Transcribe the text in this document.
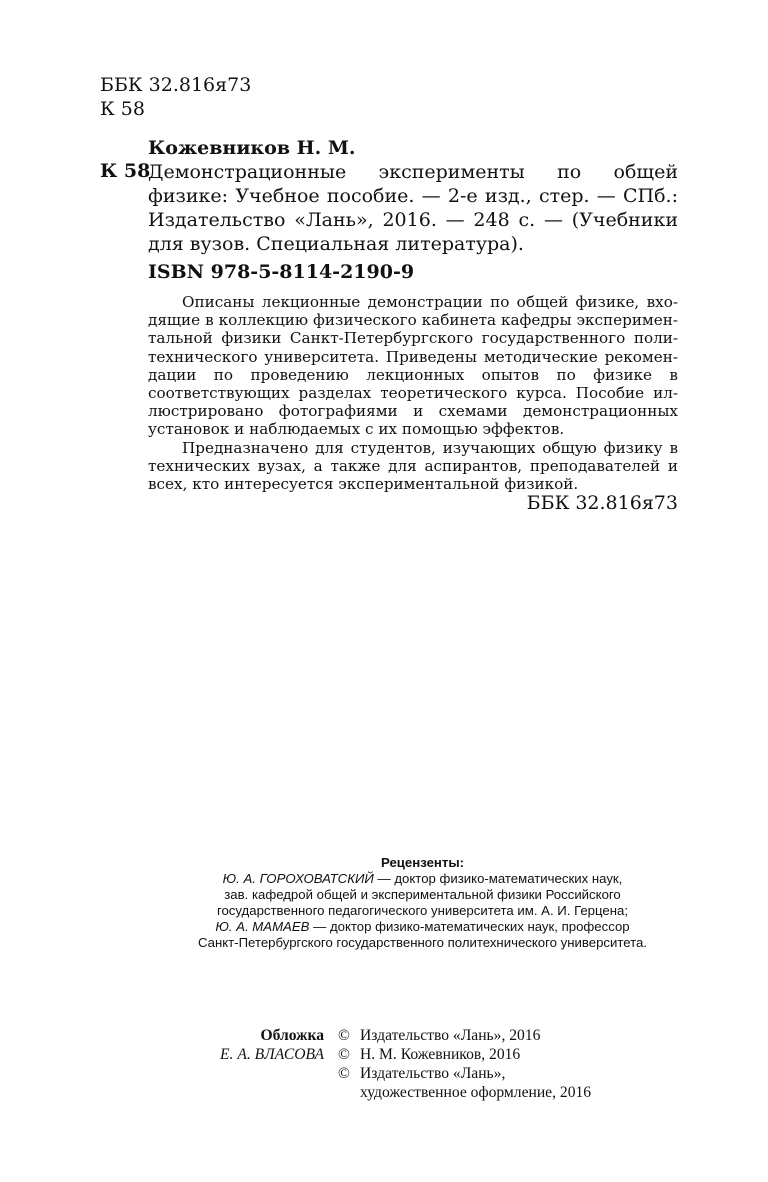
ББК 32.816я73
К 58
Кожевников Н. М.
К 58
Демонстрационные эксперименты по общей
физике: Учебное пособие. — 2-е изд., стер. — СПб.:
Издательство «Лань», 2016. — 248 с. — (Учебники
для вузов. Специальная литература).
ISBN 978-5-8114-2190-9

Описаны лекционные демонстрации по общей физике, вхо-
дящие в коллекцию физического кабинета кафедры эксперимен-
тальной физики Санкт-Петербургского государственного поли-
технического университета. Приведены методические рекомен-
дации по проведению лекционных опытов по физике в
соответствующих разделах теоретического курса. Пособие ил-
люстрировано фотографиями и схемами демонстрационных
установок и наблюдаемых с их помощью эффектов.

Предназначено для студентов, изучающих общую физику в
технических вузах, а также для аспирантов, преподавателей и
всех, кто интересуется экспериментальной физикой.

ББК 32.816я73
Рецензенты:
Ю. А. ГОРОХОВАТСКИЙ — доктор физико-математических наук,
зав. кафедрой общей и экспериментальной физики Российского
государственного педагогического университета им. А. И. Герцена;
Ю. А. МАМАЕВ — доктор физико-математических наук, профессор
Санкт-Петербургского государственного политехнического университета.
Обложка © Издательство «Лань», 2016
Е. А. ВЛАСОВА © Н. М. Кожевников, 2016
© Издательство «Лань»,
художественное оформление, 2016
